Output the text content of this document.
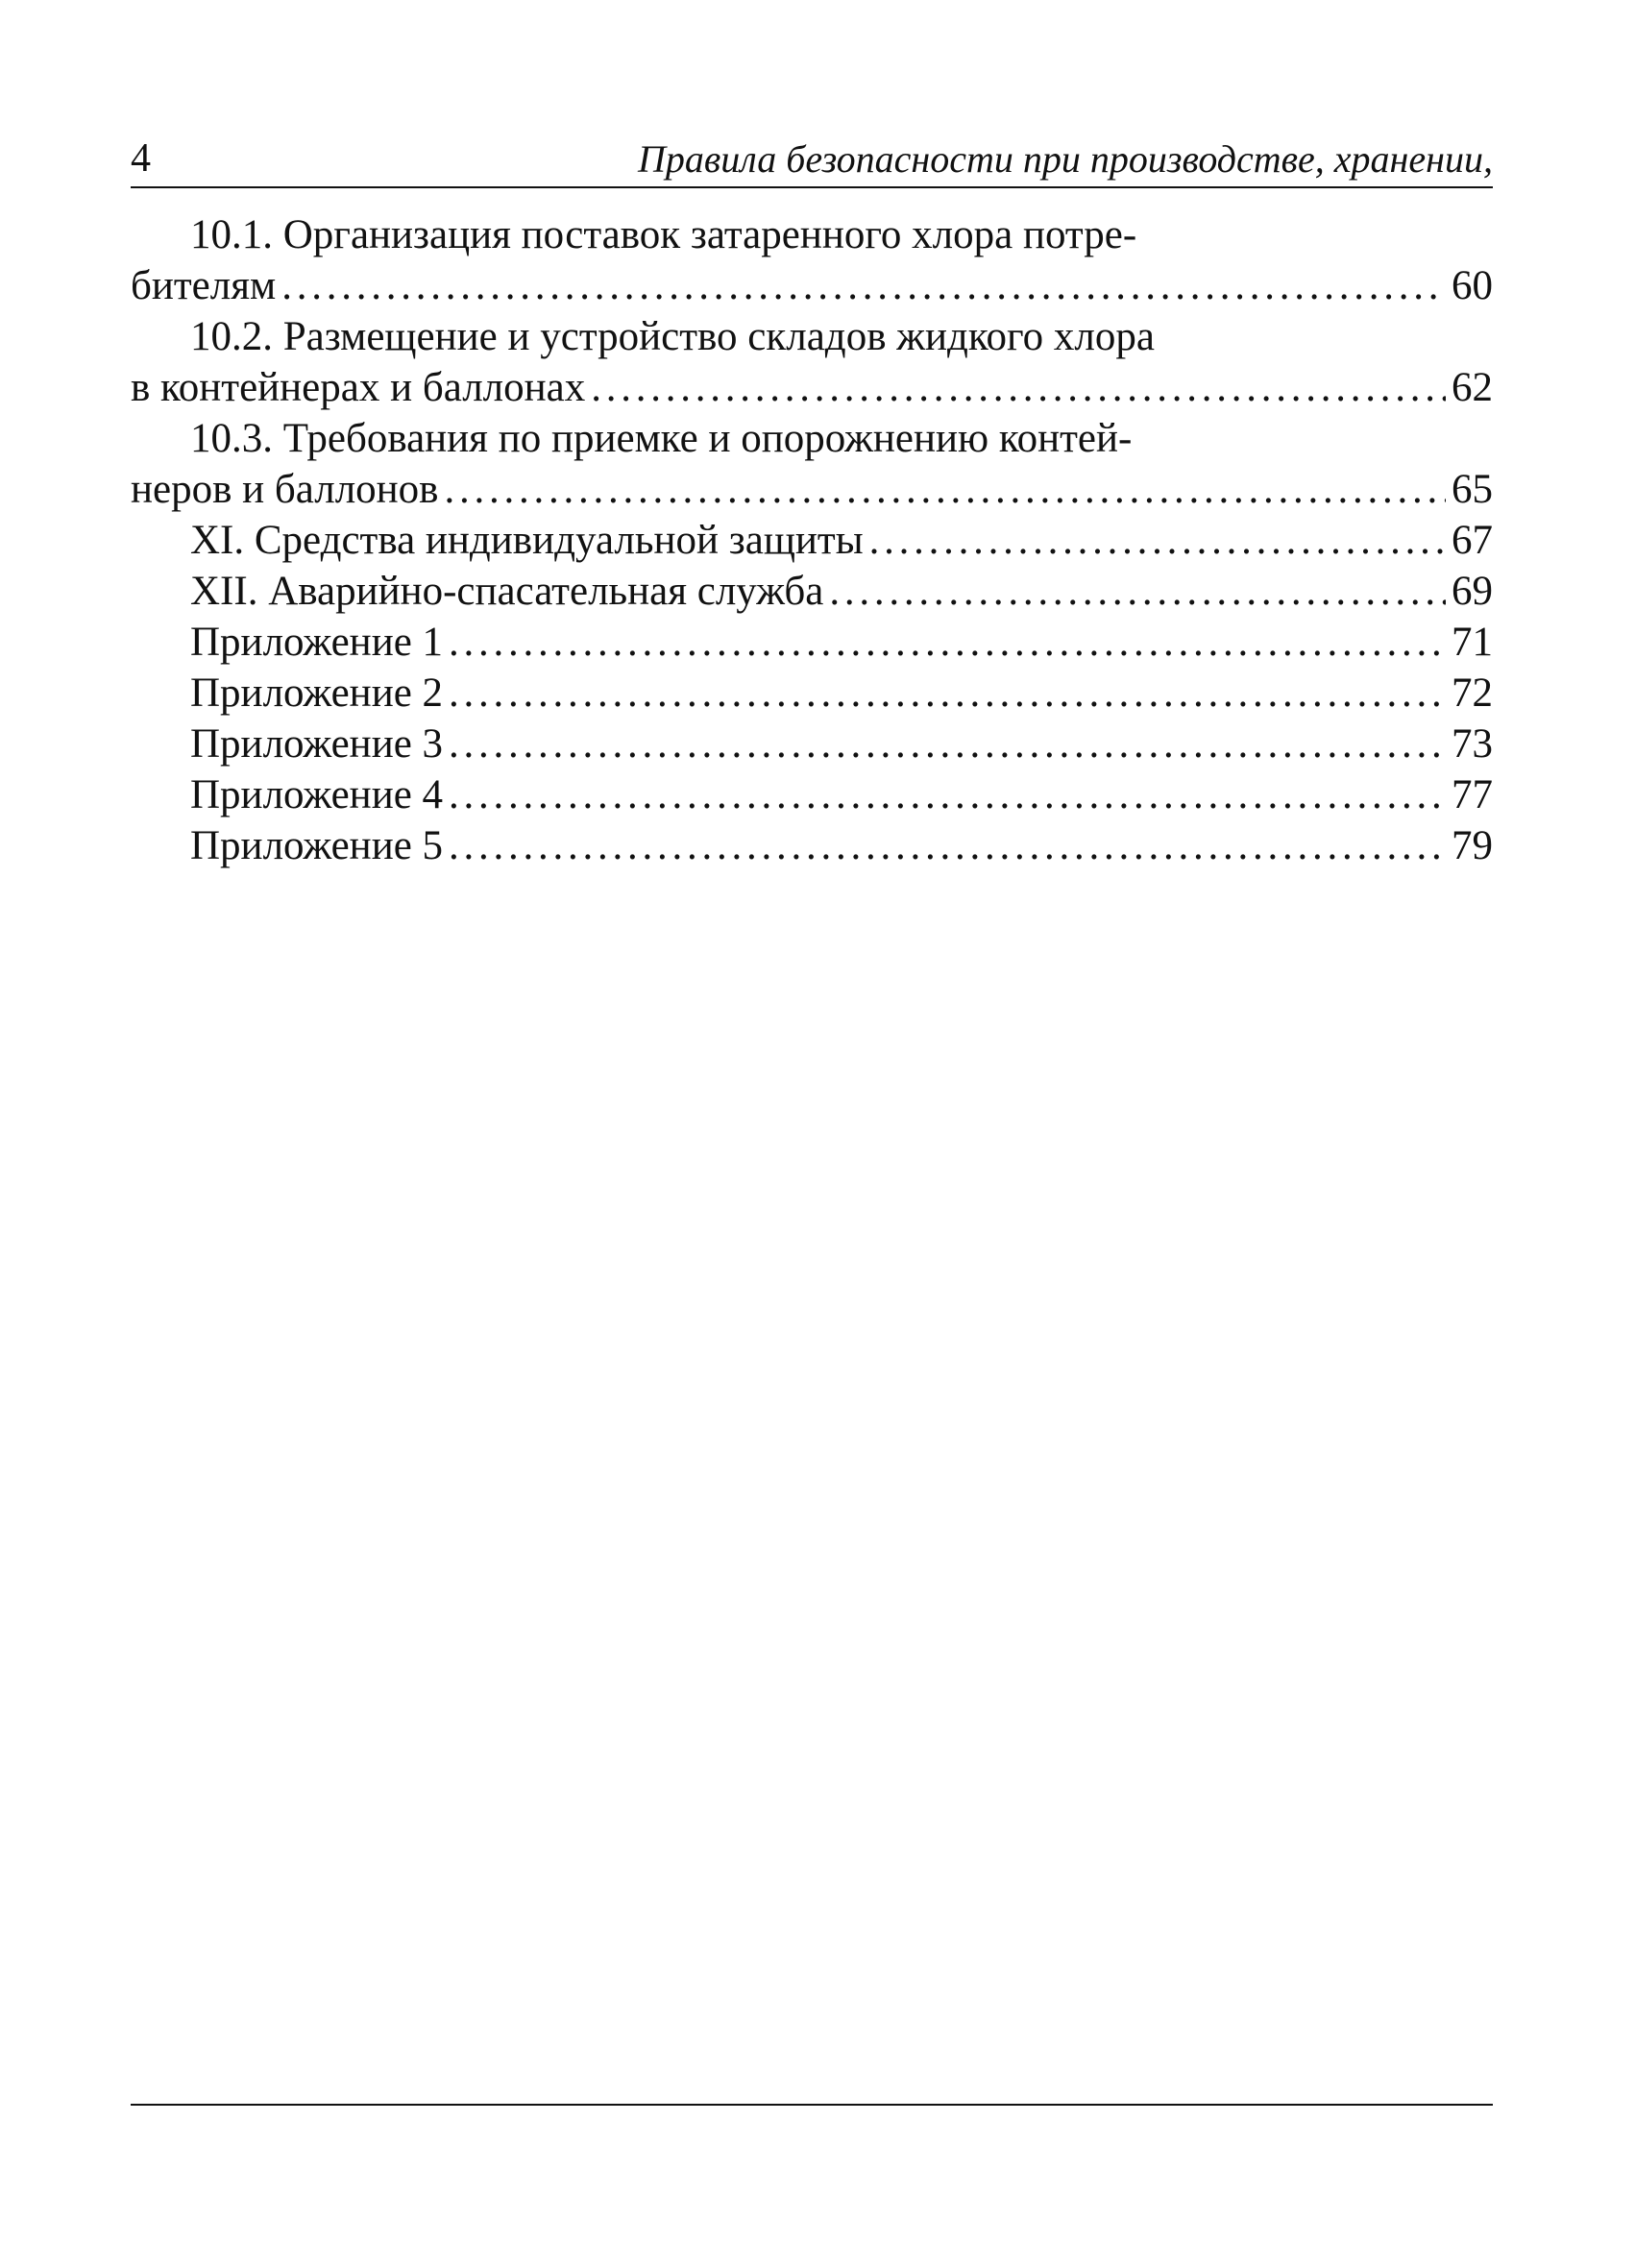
4	Правила безопасности при производстве, хранении,
10.1. Организация поставок затаренного хлора потре-
бителям . . .	60
10.2. Размещение и устройство складов жидкого хлора
в контейнерах и баллонах . . .	62
10.3. Требования по приемке и опорожнению контей-
неров и баллонов . . .	65
XI. Средства индивидуальной защиты . . .	67
XII. Аварийно-спасательная служба . . .	69
Приложение 1 . . .	71
Приложение 2 . . .	72
Приложение 3 . . .	73
Приложение 4 . . .	77
Приложение 5 . . .	79
